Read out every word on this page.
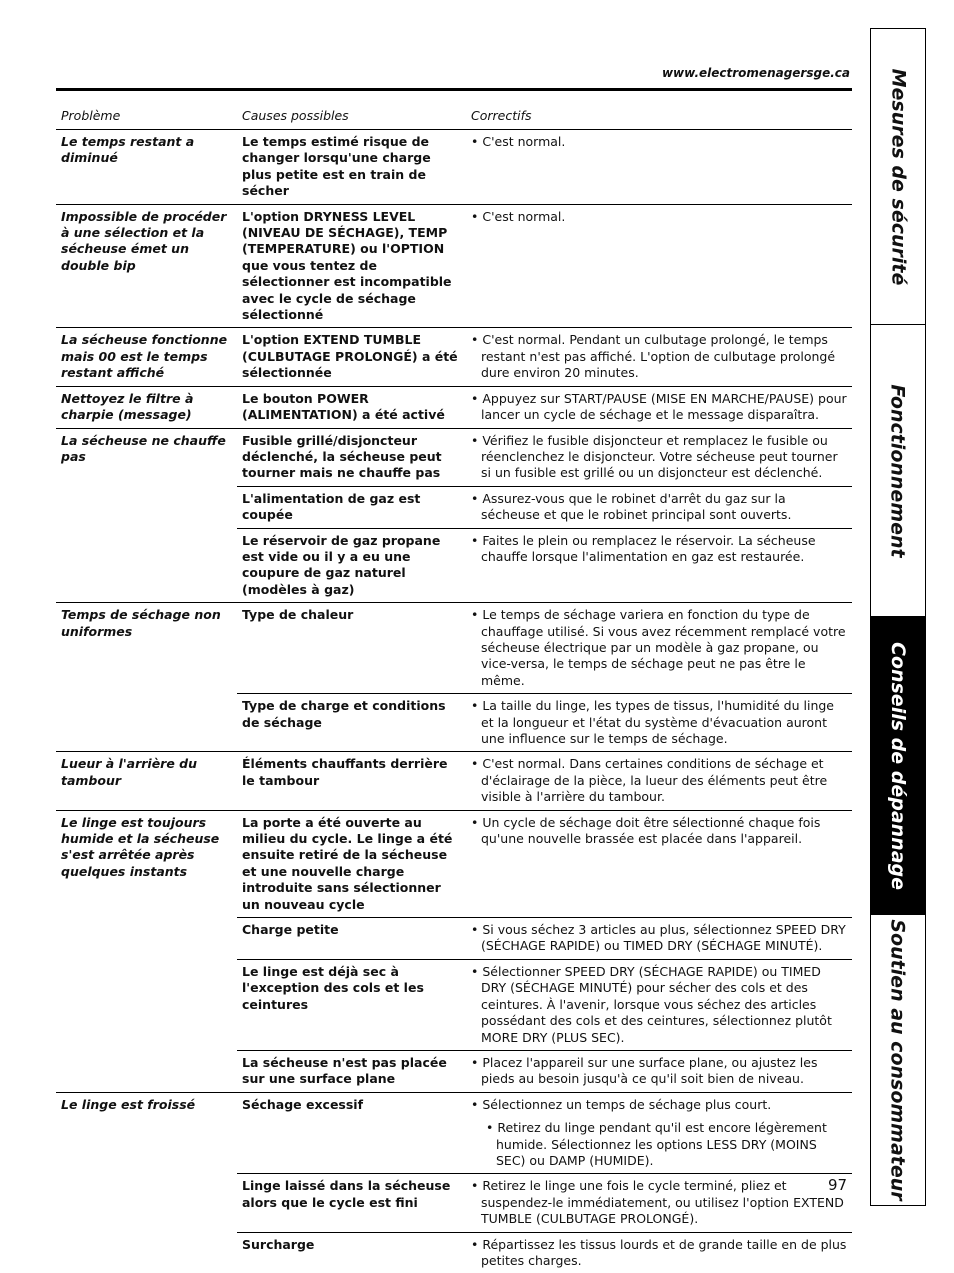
www.electromenagersge.ca
Problème	Causes possibles	Correctifs
Le temps restant a diminué	Le temps estimé risque de changer lorsqu'une charge plus petite est en train de sécher	• C'est normal.
Impossible de procéder à une sélection et la sécheuse émet un double bip	L'option DRYNESS LEVEL (NIVEAU DE SÉCHAGE), TEMP (TEMPERATURE) ou l'OPTION que vous tentez de sélectionner est incompatible avec le cycle de séchage sélectionné	• C'est normal.
La sécheuse fonctionne mais 00 est le temps restant affiché	L'option EXTEND TUMBLE (CULBUTAGE PROLONGÉ) a été sélectionnée	• C'est normal. Pendant un culbutage prolongé, le temps restant n'est pas affiché. L'option de culbutage prolongé dure environ 20 minutes.
Nettoyez le filtre à charpie (message)	Le bouton POWER (ALIMENTATION) a été activé	• Appuyez sur START/PAUSE (MISE EN MARCHE/PAUSE) pour lancer un cycle de séchage et le message disparaîtra.
La sécheuse ne chauffe pas	Fusible grillé/disjoncteur déclenché, la sécheuse peut tourner mais ne chauffe pas	• Vérifiez le fusible disjoncteur et remplacez le fusible ou réenclenchez le disjoncteur. Votre sécheuse peut tourner si un fusible est grillé ou un disjoncteur est déclenché.
	L'alimentation de gaz est coupée	• Assurez-vous que le robinet d'arrêt du gaz sur la sécheuse et que le robinet principal sont ouverts.
	Le réservoir de gaz propane est vide ou il y a eu une coupure de gaz naturel (modèles à gaz)	• Faites le plein ou remplacez le réservoir. La sécheuse chauffe lorsque l'alimentation en gaz est restaurée.
Temps de séchage non uniformes	Type de chaleur	• Le temps de séchage variera en fonction du type de chauffage utilisé. Si vous avez récemment remplacé votre sécheuse électrique par un modèle à gaz propane, ou vice-versa, le temps de séchage peut ne pas être le même.
	Type de charge et conditions de séchage	• La taille du linge, les types de tissus, l'humidité du linge et la longueur et l'état du système d'évacuation auront une influence sur le temps de séchage.
Lueur à l'arrière du tambour	Éléments chauffants derrière le tambour	• C'est normal. Dans certaines conditions de séchage et d'éclairage de la pièce, la lueur des éléments peut être visible à l'arrière du tambour.
Le linge est toujours humide et la sécheuse s'est arrêtée après quelques instants	La porte a été ouverte au milieu du cycle. Le linge a été ensuite retiré de la sécheuse et une nouvelle charge introduite sans sélectionner un nouveau cycle	• Un cycle de séchage doit être sélectionné chaque fois qu'une nouvelle brassée est placée dans l'appareil.
	Charge petite	• Si vous séchez 3 articles au plus, sélectionnez SPEED DRY (SÉCHAGE RAPIDE) ou TIMED DRY (SÉCHAGE MINUTÉ).
	Le linge est déjà sec à l'exception des cols et les ceintures	• Sélectionner SPEED DRY (SÉCHAGE RAPIDE) ou TIMED DRY (SÉCHAGE MINUTÉ) pour sécher des cols et des ceintures. À l'avenir, lorsque vous séchez des articles possédant des cols et des ceintures, sélectionnez plutôt MORE DRY (PLUS SEC).
	La sécheuse n'est pas placée sur une surface plane	• Placez l'appareil sur une surface plane, ou ajustez les pieds au besoin jusqu'à ce qu'il soit bien de niveau.
Le linge est froissé	Séchage excessif	• Sélectionnez un temps de séchage plus court.
• Retirez du linge pendant qu'il est encore légèrement humide. Sélectionnez les options LESS DRY (MOINS SEC) ou DAMP (HUMIDE).

	Linge laissé dans la sécheuse alors que le cycle est fini	• Retirez le linge une fois le cycle terminé, pliez et suspendez-le immédiatement, ou utilisez l'option EXTEND TUMBLE (CULBUTAGE PROLONGÉ).
	Surcharge	• Répartissez les tissus lourds et de grande taille en de plus petites charges.
97
Mesures de sécurité
Fonctionnement
Conseils de dépannage
Soutien au consommateur
